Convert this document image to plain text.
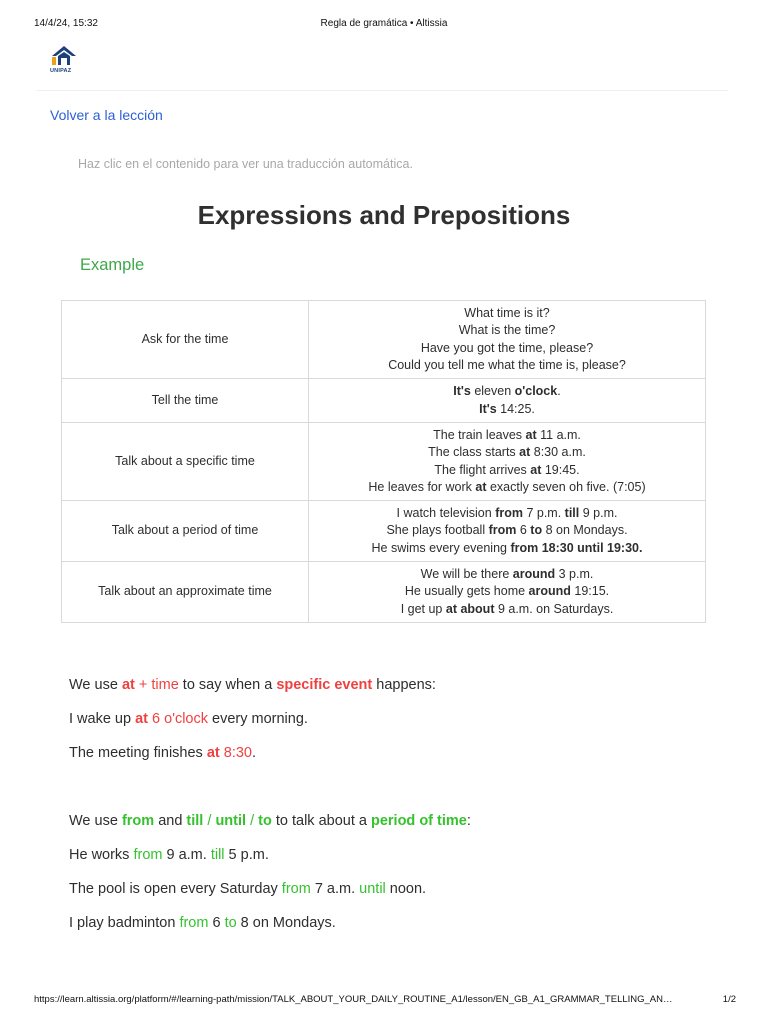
14/4/24, 15:32	Regla de gramática • Altissia
UNIPAZ
Volver a la lección
Haz clic en el contenido para ver una traducción automática.
Expressions and Prepositions
Example
Ask for the time	What time is it?
What is the time?
Have you got the time, please?
Could you tell me what the time is, please?

Tell the time	It's eleven o'clock.
It's 14:25.

Talk about a specific time	The train leaves at 11 a.m.
The class starts at 8:30 a.m.
The flight arrives at 19:45.
He leaves for work at exactly seven oh five. (7:05)

Talk about a period of time	I watch television from 7 p.m. till 9 p.m.
She plays football from 6 to 8 on Mondays.
He swims every evening from 18:30 until 19:30.

Talk about an approximate time	We will be there around 3 p.m.
He usually gets home around 19:15.
I get up at about 9 a.m. on Saturdays.

We use at + time to say when a specific event happens:

I wake up at 6 o'clock every morning.

The meeting finishes at 8:30.

We use from and till / until / to to talk about a period of time:

He works from 9 a.m. till 5 p.m.

The pool is open every Saturday from 7 a.m. until noon.

I play badminton from 6 to 8 on Mondays.

https://learn.altissia.org/platform/#/learning-path/mission/TALK_ABOUT_YOUR_DAILY_ROUTINE_A1/lesson/EN_GB_A1_GRAMMAR_TELLING_AN…	1/2
